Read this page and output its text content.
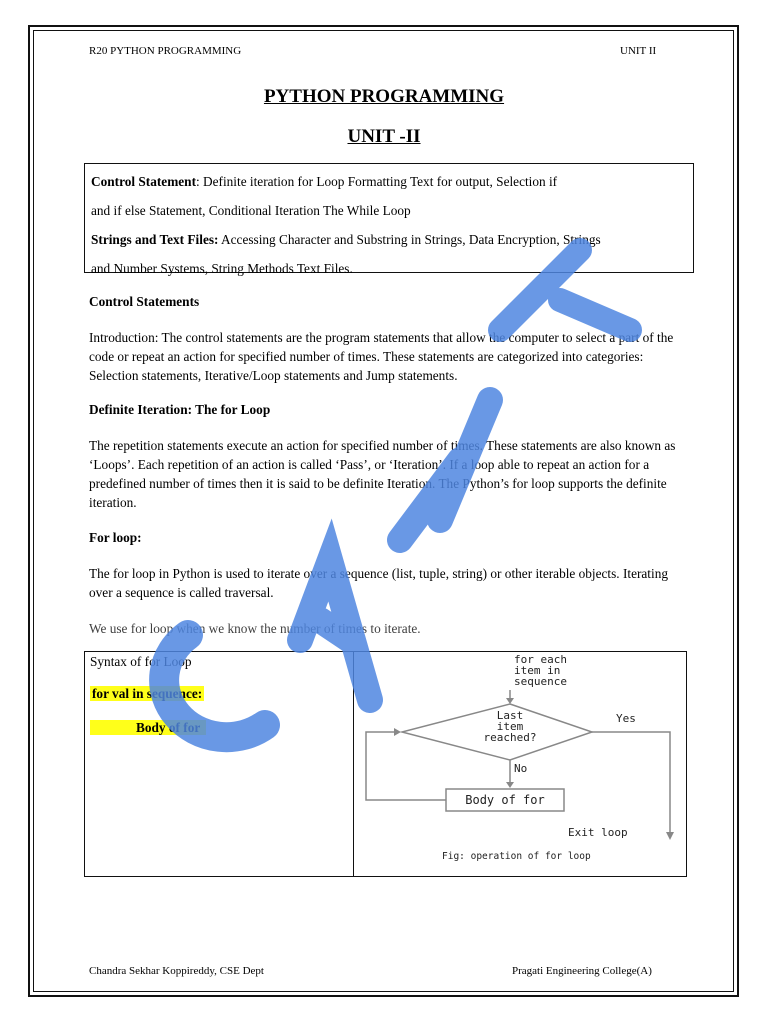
R20 PYTHON PROGRAMMING	UNIT II
PYTHON PROGRAMMING
UNIT -II

Control Statement: Definite iteration for Loop Formatting Text for output, Selection if

and if else Statement, Conditional Iteration The While Loop

Strings and Text Files: Accessing Character and Substring in Strings, Data Encryption, Strings

and Number Systems, String Methods Text Files.

Control Statements

Introduction: The control statements are the program statements that allow the computer to select a part of the code or repeat an action for specified number of times. These statements are categorized into categories: Selection statements, Iterative/Loop statements and Jump statements.

Definite Iteration: The for Loop

The repetition statements execute an action for specified number of times. These statements are also known as ‘Loops’. Each repetition of an action is called ‘Pass’, or ‘Iteration’. If a loop able to repeat an action for a predefined number of times then it is said to be definite Iteration. The Python’s for loop supports the definite iteration.

For loop:

The for loop in Python is used to iterate over a sequence (list, tuple, string) or other iterable objects. Iterating over a sequence is called traversal.

We use for loop when we know the number of times to iterate.

Syntax of for Loop
for val in sequence:
Body of for
for each
item in
sequence
Last
item
reached?
Yes
No
Body of for
Exit loop
Fig: operation of for loop
Chandra Sekhar Koppireddy, CSE Dept	Pragati Engineering College(A)
